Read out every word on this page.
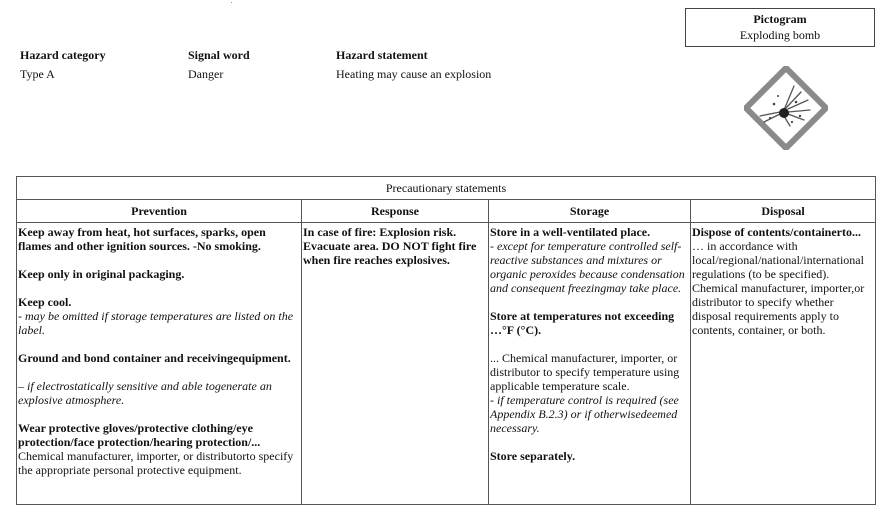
Hazard category
Type A
Signal word
Danger
Hazard statement
Heating may cause an explosion
Pictogram
Exploding bomb
Precautionary statements			
Prevention	Response	Storage	Disposal

Keep away from heat, hot surfaces, sparks, open flames and other ignition sources. -No smoking.
Keep only in original packaging.
Keep cool.
- may be omitted if storage temperatures are listed on the label.
Ground and bond container and receivingequipment.
– if electrostatically sensitive and able togenerate an explosive atmosphere.
Wear protective gloves/protective clothing/eye protection/face protection/hearing protection/...
Chemical manufacturer, importer, or distributorto specify the appropriate personal protective equipment.

In case of fire: Explosion risk. Evacuate area. DO NOT fight fire when fire reaches explosives.

Store in a well-ventilated place.
- except for temperature controlled self-reactive substances and mixtures or organic peroxides because condensation and consequent freezingmay take place.
Store at temperatures not exceeding …°F (°C).
... Chemical manufacturer, importer, or distributor to specify temperature using applicable temperature scale.
- if temperature control is required (see Appendix B.2.3) or if otherwisedeemed necessary.
Store separately.

Dispose of contents/containerto...
… in accordance with local/regional/national/international regulations (to be specified). Chemical manufacturer, importer,or distributor to specify whether disposal requirements apply to contents, container, or both.
